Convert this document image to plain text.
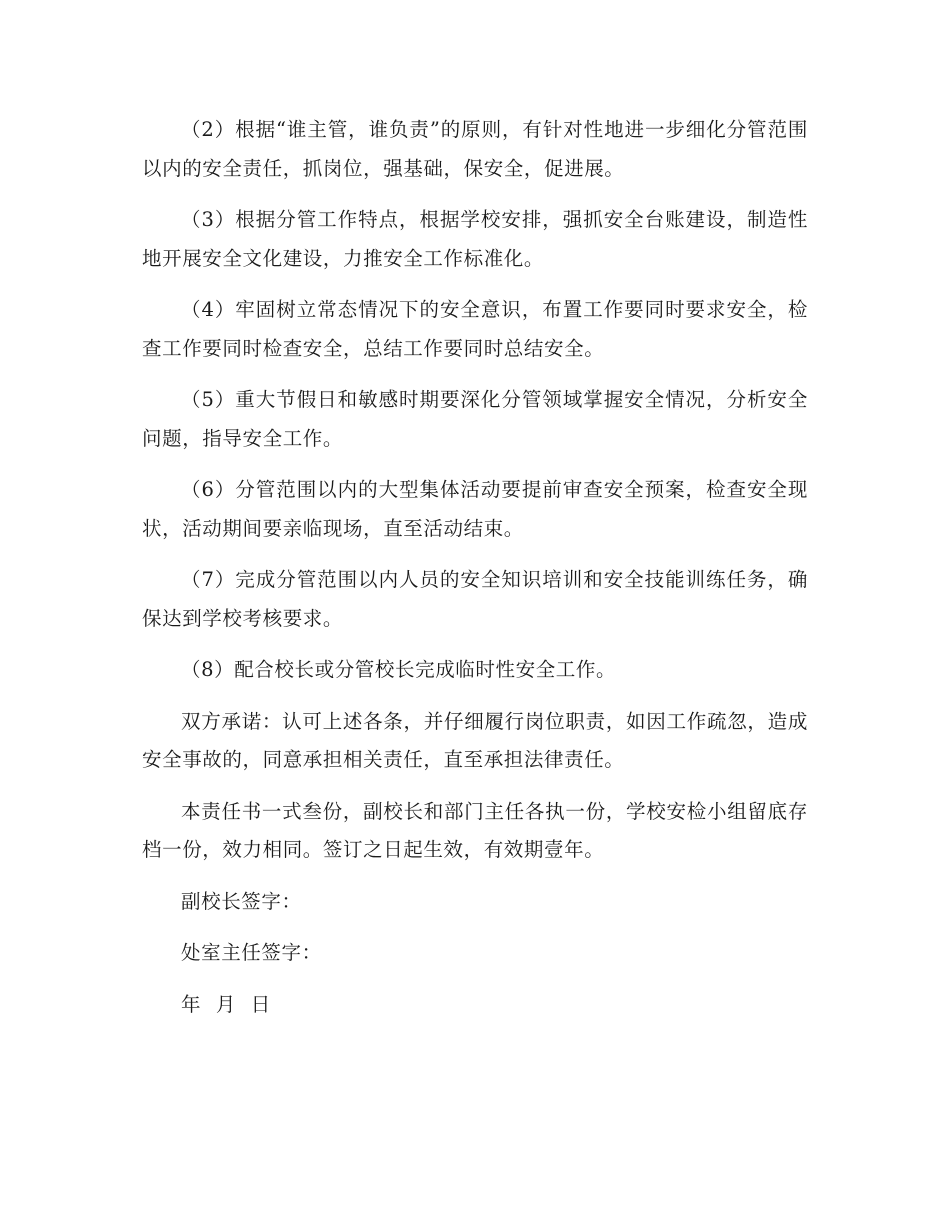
（2）根据“谁主管，谁负责”的原则，有针对性地进一步细化分管范围以内的安全责任，抓岗位，强基础，保安全，促进展。

（3）根据分管工作特点，根据学校安排，强抓安全台账建设，制造性地开展安全文化建设，力推安全工作标准化。

（4）牢固树立常态情况下的安全意识，布置工作要同时要求安全，检查工作要同时检查安全，总结工作要同时总结安全。

（5）重大节假日和敏感时期要深化分管领域掌握安全情况，分析安全问题，指导安全工作。

（6）分管范围以内的大型集体活动要提前审查安全预案，检查安全现状，活动期间要亲临现场，直至活动结束。

（7）完成分管范围以内人员的安全知识培训和安全技能训练任务，确保达到学校考核要求。

（8）配合校长或分管校长完成临时性安全工作。

双方承诺：认可上述各条，并仔细履行岗位职责，如因工作疏忽，造成安全事故的，同意承担相关责任，直至承担法律责任。

本责任书一式叁份，副校长和部门主任各执一份，学校安检小组留底存档一份，效力相同。签订之日起生效，有效期壹年。

副校长签字：

处室主任签字：

年 月 日
